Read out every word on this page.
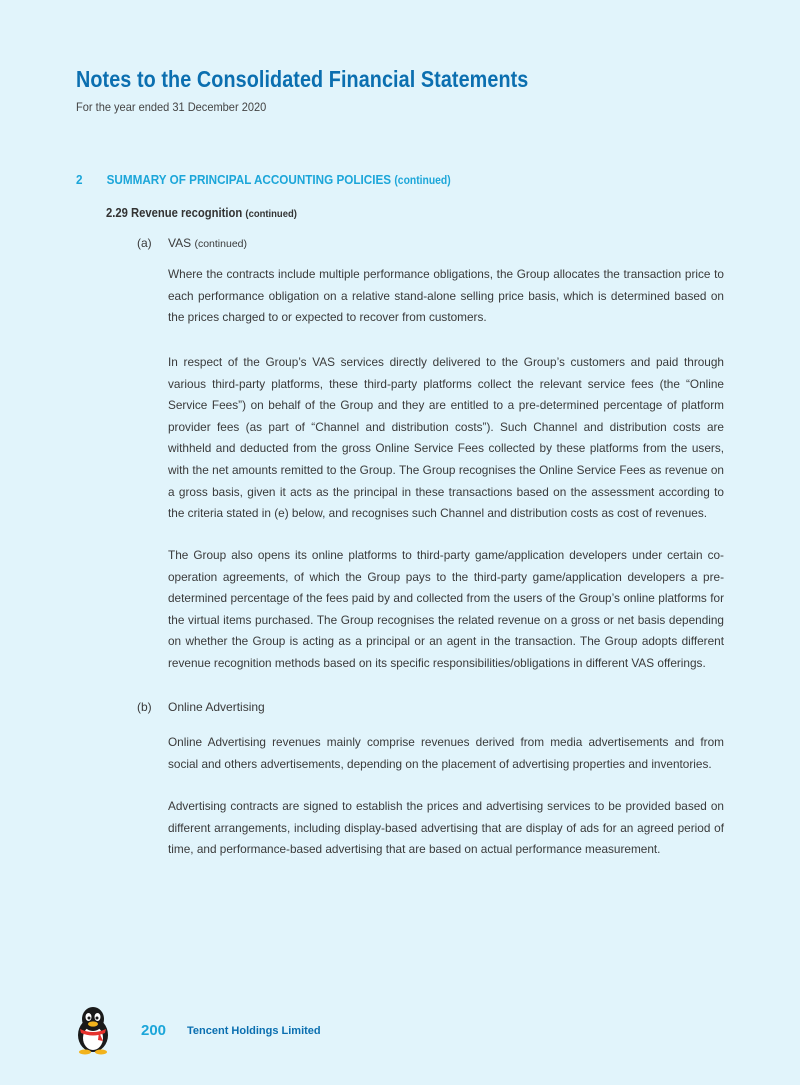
Notes to the Consolidated Financial Statements
For the year ended 31 December 2020
2 SUMMARY OF PRINCIPAL ACCOUNTING POLICIES (continued)
2.29 Revenue recognition (continued)
(a) VAS (continued)

Where the contracts include multiple performance obligations, the Group allocates the transaction price to each performance obligation on a relative stand-alone selling price basis, which is determined based on the prices charged to or expected to recover from customers.

In respect of the Group’s VAS services directly delivered to the Group’s customers and paid through various third-party platforms, these third-party platforms collect the relevant service fees (the “Online Service Fees”) on behalf of the Group and they are entitled to a pre-determined percentage of platform provider fees (as part of “Channel and distribution costs”). Such Channel and distribution costs are withheld and deducted from the gross Online Service Fees collected by these platforms from the users, with the net amounts remitted to the Group. The Group recognises the Online Service Fees as revenue on a gross basis, given it acts as the principal in these transactions based on the assessment according to the criteria stated in (e) below, and recognises such Channel and distribution costs as cost of revenues.

The Group also opens its online platforms to third-party game/application developers under certain co-operation agreements, of which the Group pays to the third-party game/application developers a pre-determined percentage of the fees paid by and collected from the users of the Group’s online platforms for the virtual items purchased. The Group recognises the related revenue on a gross or net basis depending on whether the Group is acting as a principal or an agent in the transaction. The Group adopts different revenue recognition methods based on its specific responsibilities/obligations in different VAS offerings.

(b) Online Advertising

Online Advertising revenues mainly comprise revenues derived from media advertisements and from social and others advertisements, depending on the placement of advertising properties and inventories.

Advertising contracts are signed to establish the prices and advertising services to be provided based on different arrangements, including display-based advertising that are display of ads for an agreed period of time, and performance-based advertising that are based on actual performance measurement.

200 Tencent Holdings Limited
